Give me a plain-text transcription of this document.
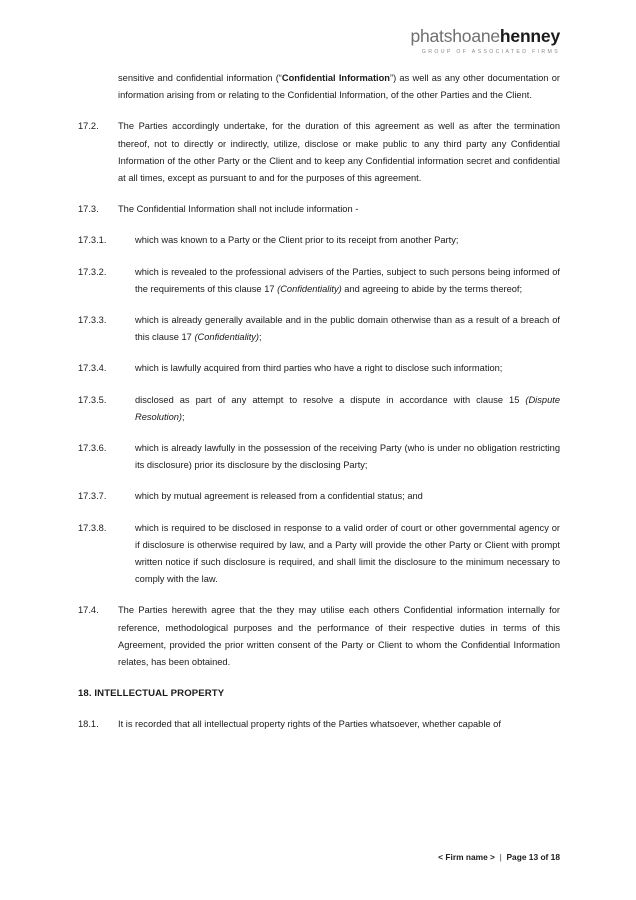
phatshoanehenney
GROUP OF ASSOCIATED FIRMS
sensitive and confidential information (“Confidential Information”) as well as any other documentation or information arising from or relating to the Confidential Information, of the other Parties and the Client.
17.2.	The Parties accordingly undertake, for the duration of this agreement as well as after the termination thereof, not to directly or indirectly, utilize, disclose or make public to any third party any Confidential Information of the other Party or the Client and to keep any Confidential information secret and confidential at all times, except as pursuant to and for the purposes of this agreement.
17.3.	The Confidential Information shall not include information -
17.3.1.	which was known to a Party or the Client prior to its receipt from another Party;
17.3.2.	which is revealed to the professional advisers of the Parties, subject to such persons being informed of the requirements of this clause 17 (Confidentiality) and agreeing to abide by the terms thereof;
17.3.3.	which is already generally available and in the public domain otherwise than as a result of a breach of this clause 17 (Confidentiality);
17.3.4.	which is lawfully acquired from third parties who have a right to disclose such information;
17.3.5.	disclosed as part of any attempt to resolve a dispute in accordance with clause 15 (Dispute Resolution);
17.3.6.	which is already lawfully in the possession of the receiving Party (who is under no obligation restricting its disclosure) prior its disclosure by the disclosing Party;
17.3.7.	which by mutual agreement is released from a confidential status; and
17.3.8.	which is required to be disclosed in response to a valid order of court or other governmental agency or if disclosure is otherwise required by law, and a Party will provide the other Party or Client with prompt written notice if such disclosure is required, and shall limit the disclosure to the minimum necessary to comply with the law.
17.4.	The Parties herewith agree that the they may utilise each others Confidential information internally for reference, methodological purposes and the performance of their respective duties in terms of this Agreement, provided the prior written consent of the Party or Client to whom the Confidential Information relates, has been obtained.
18. INTELLECTUAL PROPERTY
18.1.	It is recorded that all intellectual property rights of the Parties whatsoever, whether capable of
< Firm name > | Page 13 of 18
